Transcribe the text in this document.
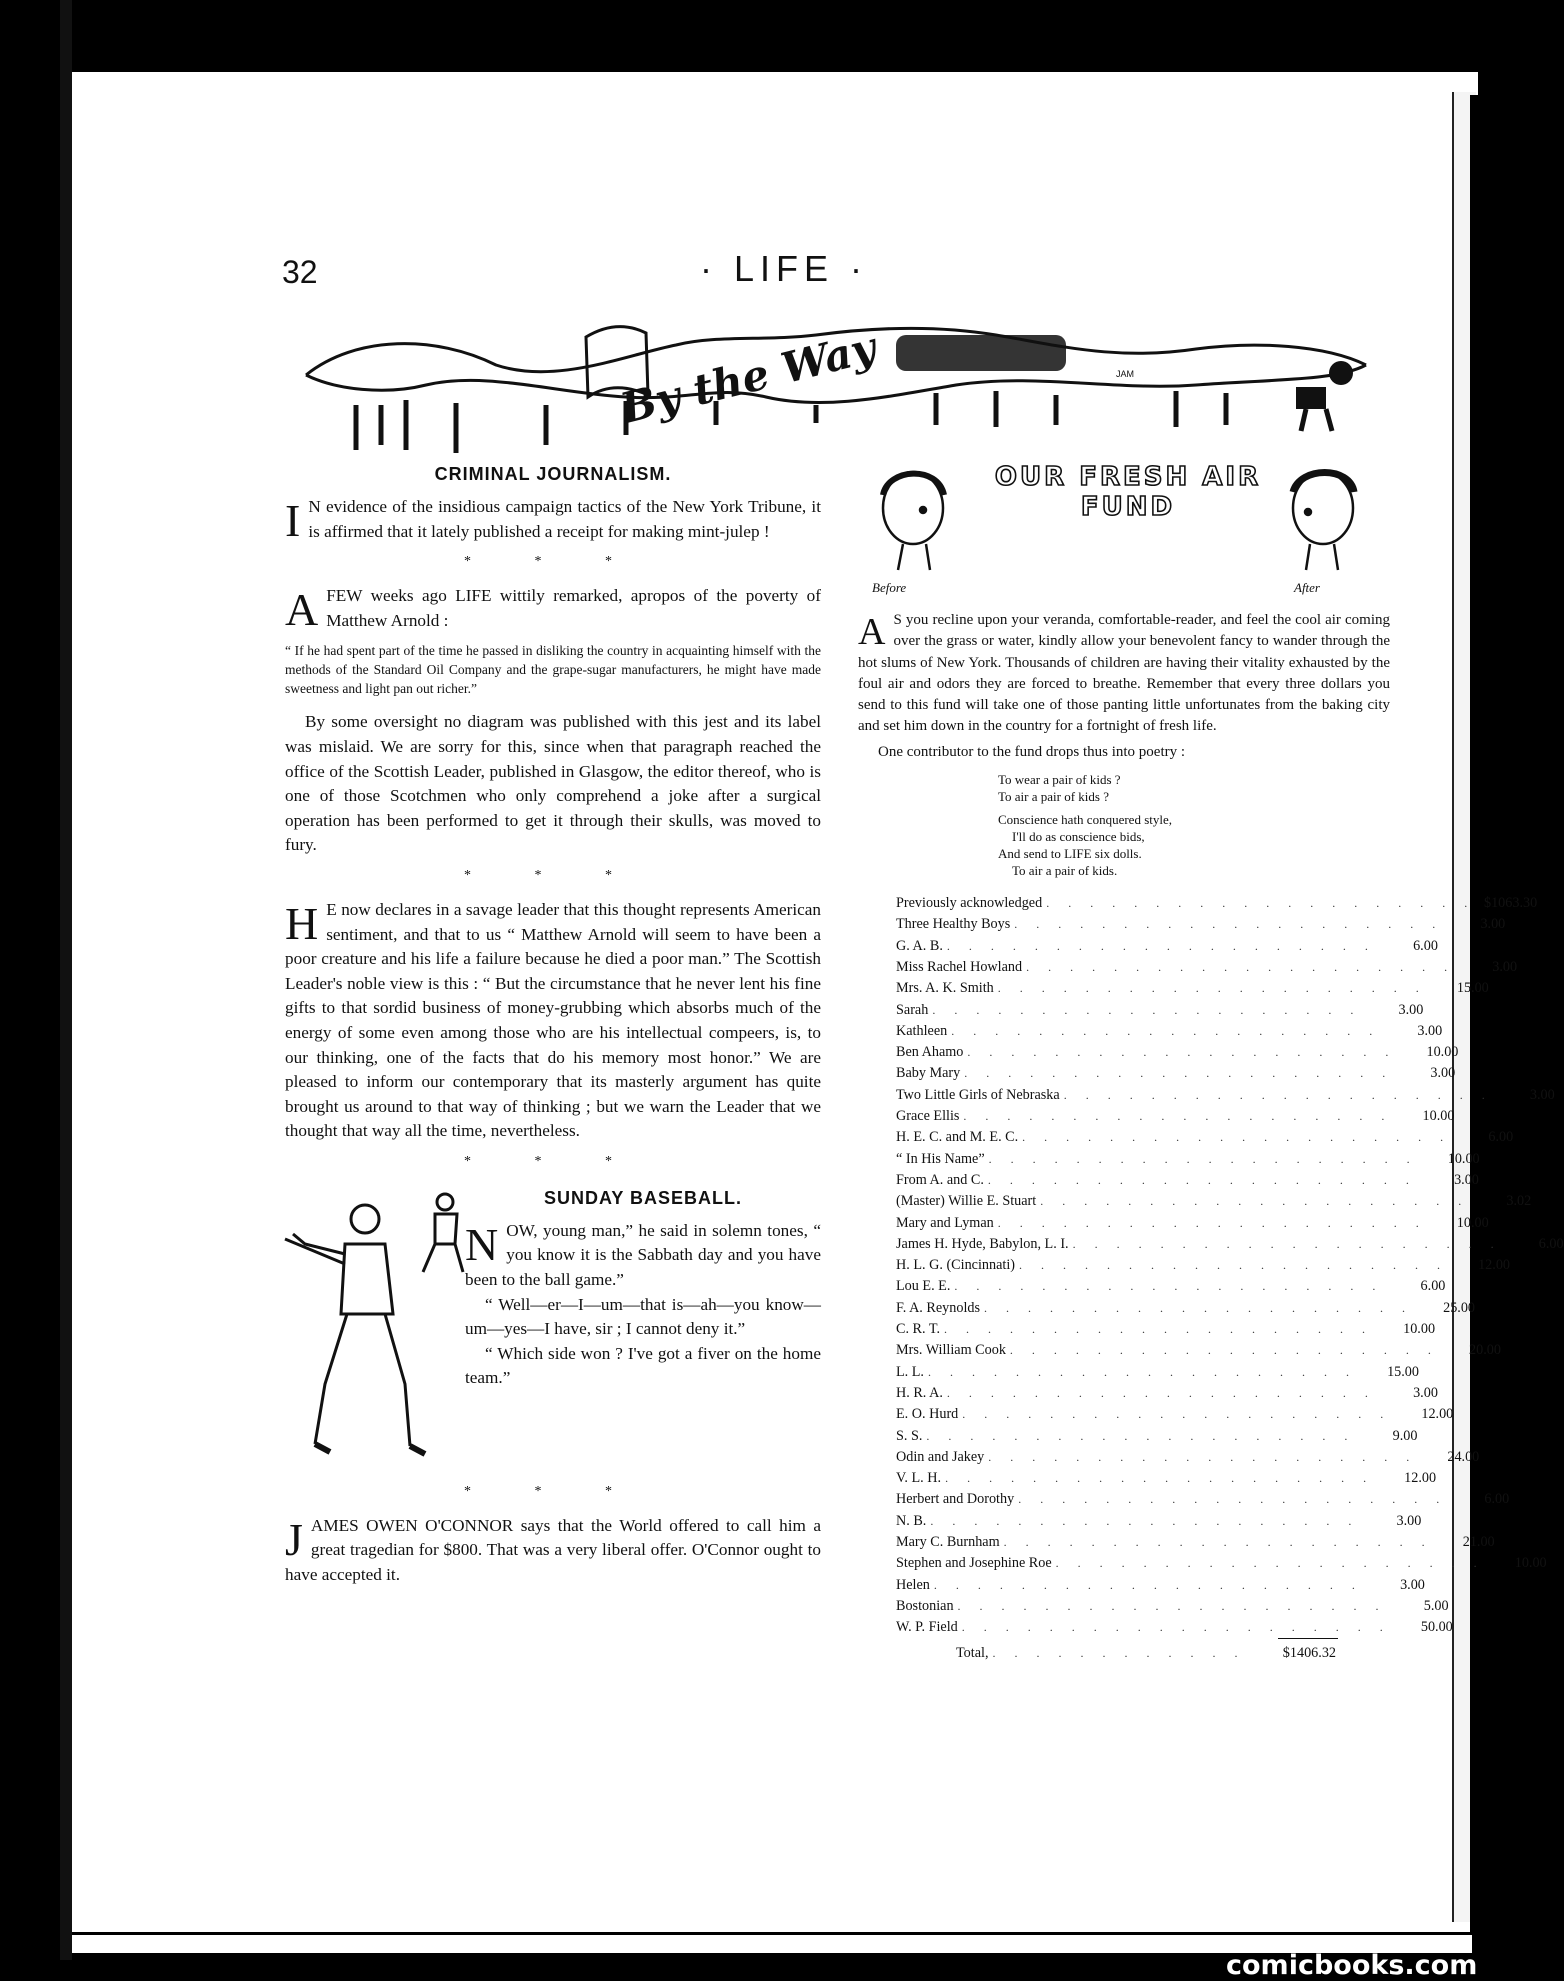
32	· LIFE ·
By the Way	JAM
CRIMINAL JOURNALISM.

I N evidence of the insidious campaign tactics of the New York Tribune, it is affirmed that it lately published a receipt for making mint-julep !

* * *

AFEW weeks ago LIFE wittily remarked, apropos of the poverty of Matthew Arnold :

“ If he had spent part of the time he passed in disliking the country in acquainting himself with the methods of the Standard Oil Company and the grape-sugar manufacturers, he might have made sweetness and light pan out richer.”

By some oversight no diagram was published with this jest and its label was mislaid. We are sorry for this, since when that paragraph reached the office of the Scottish Leader, published in Glasgow, the editor thereof, who is one of those Scotchmen who only comprehend a joke after a surgical operation has been performed to get it through their skulls, was moved to fury.

* * *

H E now declares in a savage leader that this thought represents American sentiment, and that to us “ Matthew Arnold will seem to have been a poor creature and his life a failure because he died a poor man.” The Scottish Leader's noble view is this : “ But the circumstance that he never lent his fine gifts to that sordid business of money-grubbing which absorbs much of the energy of some even among those who are his intellectual compeers, is, to our thinking, one of the facts that do his memory most honor.” We are pleased to inform our contemporary that its masterly argument has quite brought us around to that way of thinking ; but we warn the Leader that we thought that way all the time, nevertheless.

* * *
SUNDAY BASEBALL.

NOW, young man,” he said in solemn tones, “ you know it is the Sabbath day and you have been to the ball game.”

“ Well—er—I—um—that is—ah—you know—um—yes—I have, sir ; I cannot deny it.”

“ Which side won ? I've got a fiver on the home team.”

* * *

JAMES OWEN O'CONNOR says that the World offered to call him a great tragedian for $800. That was a very liberal offer. O'Connor ought to have accepted it.

OUR FRESH AIR FUND
Before	After

A S you recline upon your veranda, comfortable-reader, and feel the cool air coming over the grass or water, kindly allow your benevolent fancy to wander through the hot slums of New York. Thousands of children are having their vitality exhausted by the foul air and odors they are forced to breathe. Remember that every three dollars you send to this fund will take one of those panting little unfortunates from the baking city and set him down in the country for a fortnight of fresh life.

One contributor to the fund drops thus into poetry :

To wear a pair of kids ?
To air a pair of kids ?
Conscience hath conquered style,
I'll do as conscience bids,
And send to LIFE six dolls.
To air a pair of kids.
Previously acknowledged . . . . . . . . . . . . . . . . . . . . $1063.30
Three Healthy Boys . . . . . . . . . . . . . . . . . . . .	3.00
G. A. B. . . . . . . . . . . . . . . . . . . . .	6.00
Miss Rachel Howland . . . . . . . . . . . . . . . . . . . .	3.00
Mrs. A. K. Smith . . . . . . . . . . . . . . . . . . . .	15.00
Sarah . . . . . . . . . . . . . . . . . . . .	3.00
Kathleen . . . . . . . . . . . . . . . . . . . .	3.00
Ben Ahamo . . . . . . . . . . . . . . . . . . . .	10.00
Baby Mary . . . . . . . . . . . . . . . . . . . .	3.00
Two Little Girls of Nebraska . . . . . . . . . . . . . . . . . . . .	3.00
Grace Ellis . . . . . . . . . . . . . . . . . . . .	10.00
H. E. C. and M. E. C. . . . . . . . . . . . . . . . . . . . .	6.00
“ In His Name” . . . . . . . . . . . . . . . . . . . .	10.00
From A. and C. . . . . . . . . . . . . . . . . . . . .	3.00
(Master) Willie E. Stuart . . . . . . . . . . . . . . . . . . . .	3.02
Mary and Lyman . . . . . . . . . . . . . . . . . . . .	10.00
James H. Hyde, Babylon, L. I. . . . . . . . . . . . . . . . . . . . .	6.00
H. L. G. (Cincinnati) . . . . . . . . . . . . . . . . . . . .	12.00
Lou E. E. . . . . . . . . . . . . . . . . . . . .	6.00
F. A. Reynolds . . . . . . . . . . . . . . . . . . . .	25.00
C. R. T. . . . . . . . . . . . . . . . . . . . .	10.00
Mrs. William Cook . . . . . . . . . . . . . . . . . . . .	20.00
L. L. . . . . . . . . . . . . . . . . . . . .	15.00
H. R. A. . . . . . . . . . . . . . . . . . . . .	3.00
E. O. Hurd . . . . . . . . . . . . . . . . . . . .	12.00
S. S. . . . . . . . . . . . . . . . . . . . .	9.00
Odin and Jakey . . . . . . . . . . . . . . . . . . . .	24.00
V. L. H. . . . . . . . . . . . . . . . . . . . .	12.00
Herbert and Dorothy . . . . . . . . . . . . . . . . . . . .	6.00
N. B. . . . . . . . . . . . . . . . . . . . .	3.00
Mary C. Burnham . . . . . . . . . . . . . . . . . . . .	21.00
Stephen and Josephine Roe . . . . . . . . . . . . . . . . . . . .	10.00
Helen . . . . . . . . . . . . . . . . . . . .	3.00
Bostonian . . . . . . . . . . . . . . . . . . . .	5.00
W. P. Field . . . . . . . . . . . . . . . . . . . .	50.00
Total, . . . . . . . . . . . .	$1406.32
comicbooks.com
